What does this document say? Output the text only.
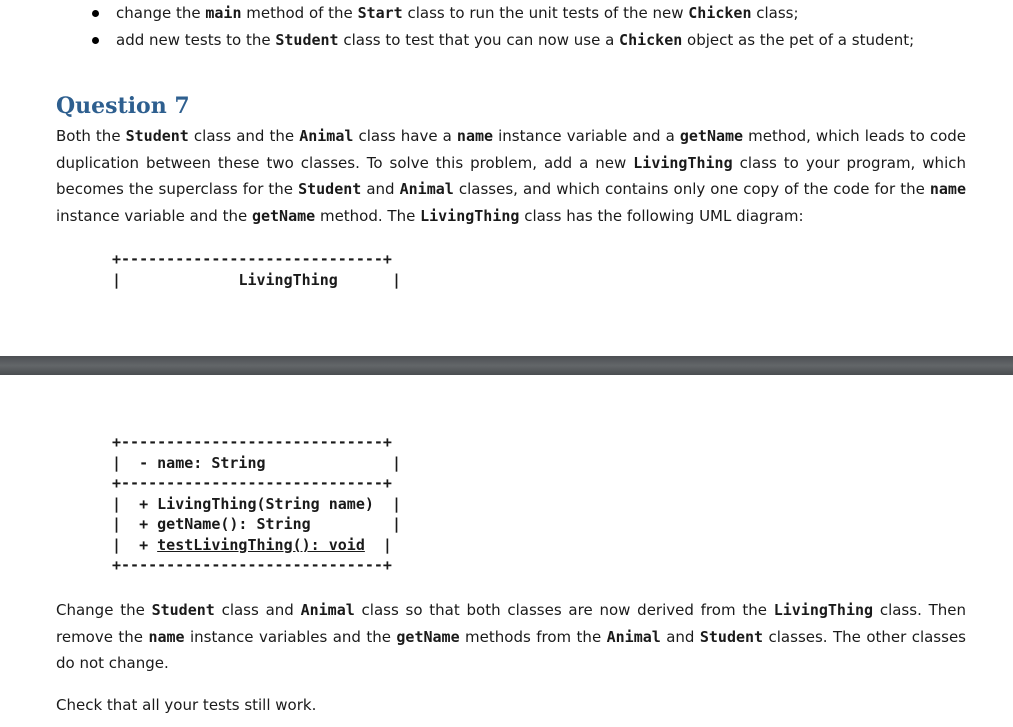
change the main method of the Start class to run the unit tests of the new Chicken class;
add new tests to the Student class to test that you can now use a Chicken object as the pet of a student;
Question 7

Both the Student class and the Animal class have a name instance variable and a getName method, which leads to code duplication between these two classes. To solve this problem, add a new LivingThing class to your program, which becomes the superclass for the Student and Animal classes, and which contains only one copy of the code for the name instance variable and the getName method. The LivingThing class has the following UML diagram:

+-----------------------------+
|	LivingThing	|
+-----------------------------+
|  - name: String              |
+-----------------------------+
|  + LivingThing(String name)  |
|  + getName(): String         |
|  + testLivingThing(): void  |
+-----------------------------+

Change the Student class and Animal class so that both classes are now derived from the LivingThing class. Then remove the name instance variables and the getName methods from the Animal and Student classes. The other classes do not change.

Check that all your tests still work.
